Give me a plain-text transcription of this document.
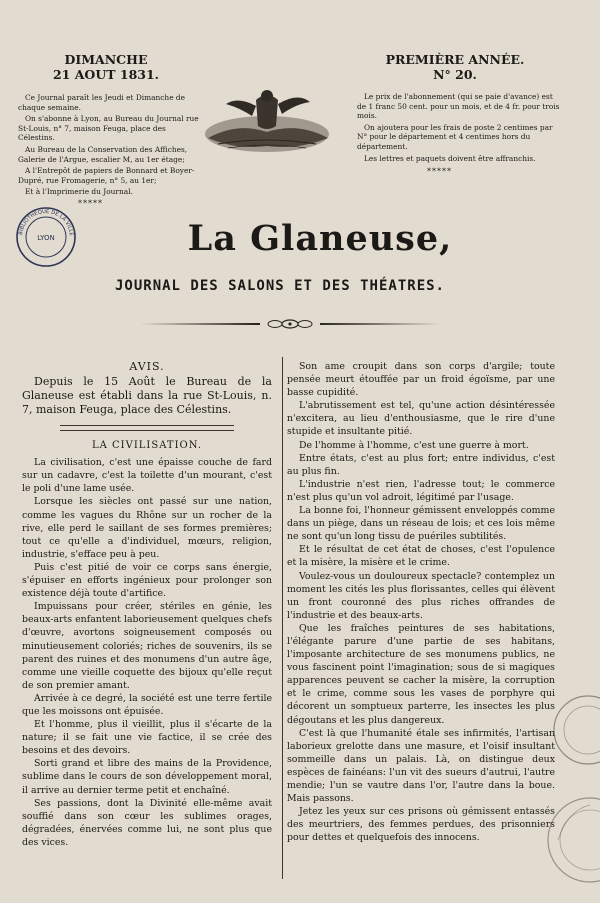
DIMANCHE
21 AOUT 1831.
PREMIÈRE ANNÉE.
N° 20.

Ce Journal paraît les Jeudi et Dimanche de chaque semaine.

On s'abonne à Lyon, au Bureau du Journal rue St-Louis, n° 7, maison Feuga, place des Célestins.

Au Bureau de la Conservation des Affiches, Galerie de l'Argue, escalier M, au 1er étage;

A l'Entrepôt de papiers de Bonnard et Boyer-Dupré, rue Fromagerie, n° 5, au 1er;

Et à l'Imprimerie du Journal.

*****

Le prix de l'abonnement (qui se paie d'avance) est de 1 franc 50 cent. pour un mois, et de 4 fr. pour trois mois.

On ajoutera pour les frais de poste 2 centimes par N° pour le département et 4 centimes hors du département.

Les lettres et paquets doivent être affranchis.

*****
BIBLIOTHÈQUE DE LA VILLE
LYON	La Glaneuse,
JOURNAL DES SALONS ET DES THÉATRES.
AVIS.

Depuis le 15 Août le Bureau de la Glaneuse est établi dans la rue St-Louis, n. 7, maison Feuga, place des Célestins.

LA CIVILISATION.

La civilisation, c'est une épaisse couche de fard sur un cadavre, c'est la toilette d'un mourant, c'est le poli d'une lame usée.

Lorsque les siècles ont passé sur une nation, comme les vagues du Rhône sur un rocher de la rive, elle perd le saillant de ses formes premières; tout ce qu'elle a d'individuel, mœurs, religion, industrie, s'efface peu à peu.

Puis c'est pitié de voir ce corps sans énergie, s'épuiser en efforts ingénieux pour prolonger son existence déjà toute d'artifice.

Impuissans pour créer, stériles en génie, les beaux-arts enfantent laborieusement quelques chefs d'œuvre, avortons soigneusement composés ou minutieusement coloriés; riches de souvenirs, ils se parent des ruines et des monumens d'un autre âge, comme une vieille coquette des bijoux qu'elle reçut de son premier amant.

Arrivée à ce degré, la société est une terre fertile que les moissons ont épuisée.

Et l'homme, plus il vieillit, plus il s'écarte de la nature; il se fait une vie factice, il se crée des besoins et des devoirs.

Sorti grand et libre des mains de la Providence, sublime dans le cours de son développement moral, il arrive au dernier terme petit et enchaîné.

Ses passions, dont la Divinité elle-même avait souffié dans son cœur les sublimes orages, dégradées, énervées comme lui, ne sont plus que des vices.

Son ame croupit dans son corps d'argile; toute pensée meurt étouffée par un froid égoïsme, par une basse cupidité.

L'abrutissement est tel, qu'une action désintéressée n'excitera, au lieu d'enthousiasme, que le rire d'une stupide et insultante pitié.

De l'homme à l'homme, c'est une guerre à mort.

Entre états, c'est au plus fort; entre individus, c'est au plus fin.

L'industrie n'est rien, l'adresse tout; le commerce n'est plus qu'un vol adroit, légitimé par l'usage.

La bonne foi, l'honneur gémissent enveloppés comme dans un piège, dans un réseau de lois; et ces lois même ne sont qu'un long tissu de puériles subtilités.

Et le résultat de cet état de choses, c'est l'opulence et la misère, la misère et le crime.

Voulez-vous un douloureux spectacle? contemplez un moment les cités les plus florissantes, celles qui élèvent un front couronné des plus riches offrandes de l'industrie et des beaux-arts.

Que les fraîches peintures de ses habitations, l'élégante parure d'une partie de ses habitans, l'imposante architecture de ses monumens publics, ne vous fascinent point l'imagination; sous de si magiques apparences peuvent se cacher la misère, la corruption et le crime, comme sous les vases de porphyre qui décorent un somptueux parterre, les insectes les plus dégoutans et les plus dangereux.

C'est là que l'humanité étale ses infirmités, l'artisan laborieux grelotte dans une masure, et l'oisif insultant sommeille dans un palais. Là, on distingue deux espèces de fainéans: l'un vit des sueurs d'autrui, l'autre mendie; l'un se vautre dans l'or, l'autre dans la boue. Mais passons.

Jetez les yeux sur ces prisons où gémissent entassés des meurtriers, des femmes perdues, des prisonniers pour dettes et quelquefois des innocens.
